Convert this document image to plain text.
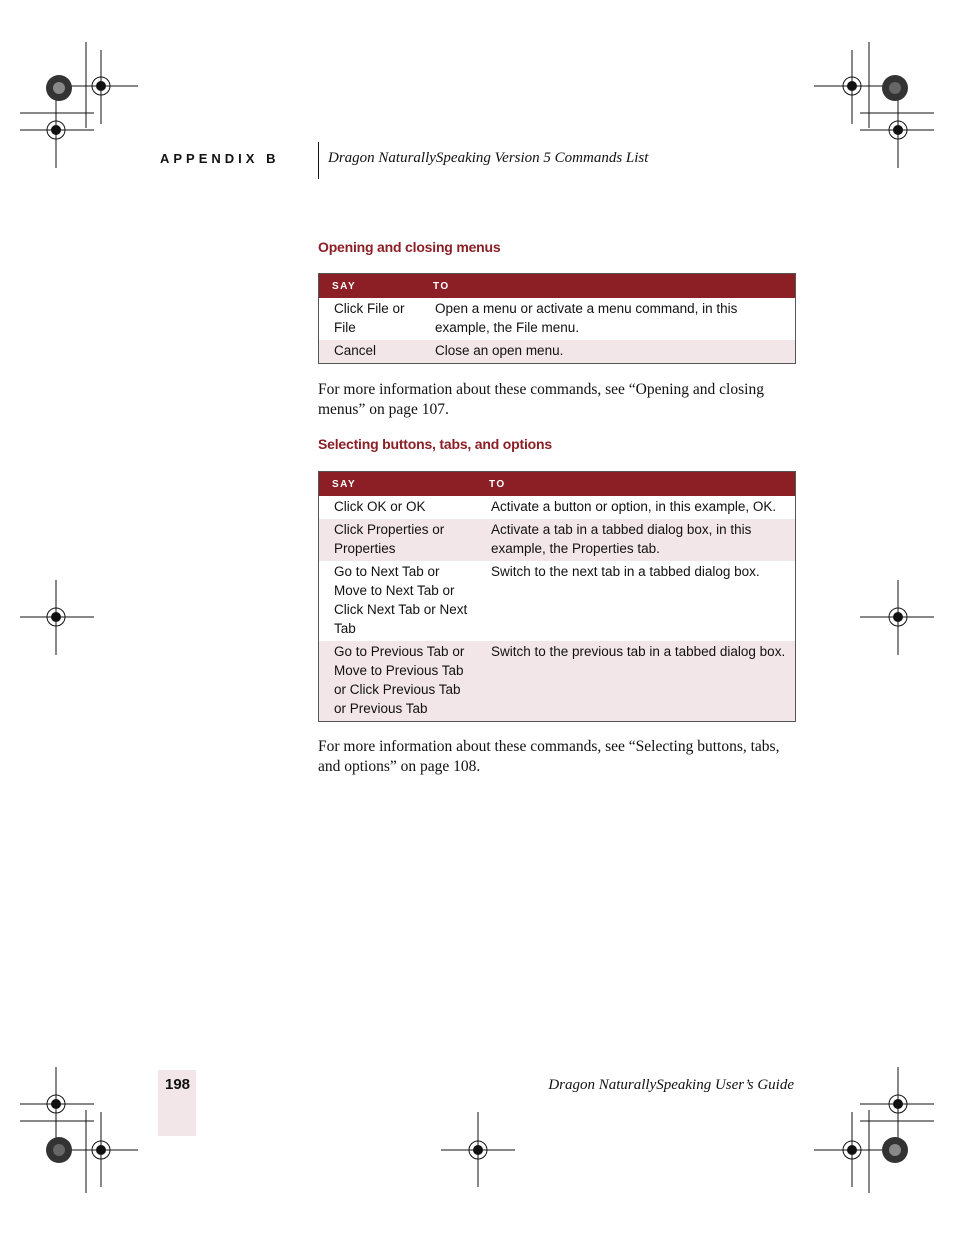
APPENDIX B	Dragon NaturallySpeaking Version 5 Commands List
Opening and closing menus
SAY	TO

Click File or File	Open a menu or activate a menu command, in this example, the File menu.
Cancel	Close an open menu.
For more information about these commands, see “Opening and closing menus” on page 107.
Selecting buttons, tabs, and options
SAY	TO
Click OK or OK	Activate a button or option, in this example, OK.
Click Properties or Properties	Activate a tab in a tabbed dialog box, in this example, the Properties tab.
Go to Next Tab or Move to Next Tab or Click Next Tab or Next Tab	Switch to the next tab in a tabbed dialog box.
Go to Previous Tab or Move to Previous Tab or Click Previous Tab or Previous Tab	Switch to the previous tab in a tabbed dialog box.
For more information about these commands, see “Selecting buttons, tabs, and options” on page 108.
198	Dragon NaturallySpeaking User’s Guide
